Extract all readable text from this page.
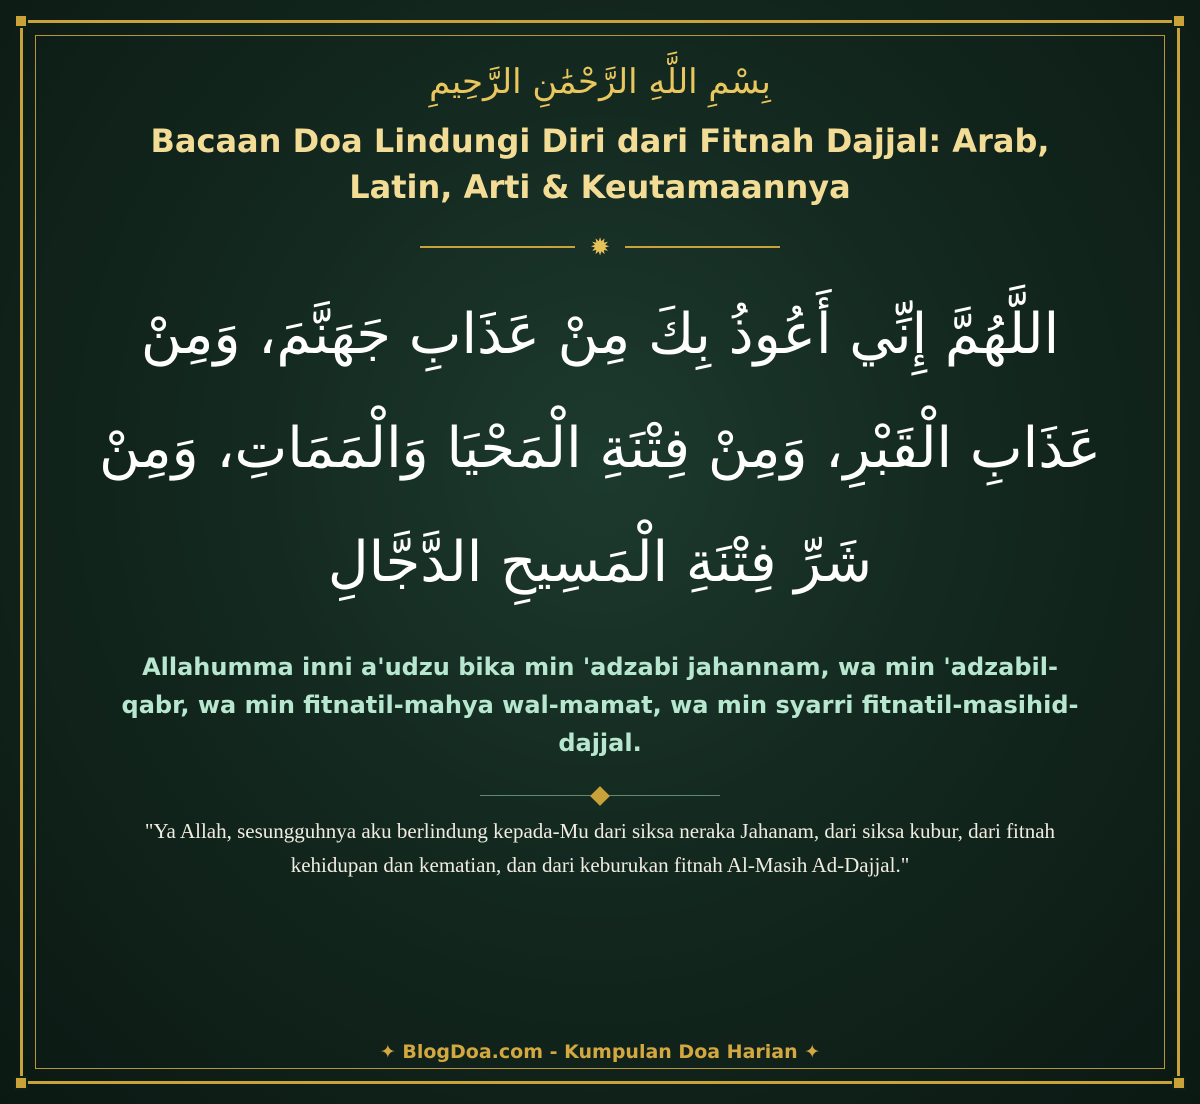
بِسْمِ اللَّهِ الرَّحْمَٰنِ الرَّحِيمِ
Bacaan Doa Lindungi Diri dari Fitnah Dajjal: Arab, Latin, Arti & Keutamaannya
✹
اللَّهُمَّ إِنِّي أَعُوذُ بِكَ مِنْ عَذَابِ جَهَنَّمَ، وَمِنْ عَذَابِ الْقَبْرِ، وَمِنْ فِتْنَةِ الْمَحْيَا وَالْمَمَاتِ، وَمِنْ شَرِّ فِتْنَةِ الْمَسِيحِ الدَّجَّالِ
Allahumma inni a'udzu bika min 'adzabi jahannam, wa min 'adzabil-qabr, wa min fitnatil-mahya wal-mamat, wa min syarri fitnatil-masihid-dajjal.
"Ya Allah, sesungguhnya aku berlindung kepada-Mu dari siksa neraka Jahanam, dari siksa kubur, dari fitnah kehidupan dan kematian, dan dari keburukan fitnah Al-Masih Ad-Dajjal."
✦ BlogDoa.com - Kumpulan Doa Harian ✦
